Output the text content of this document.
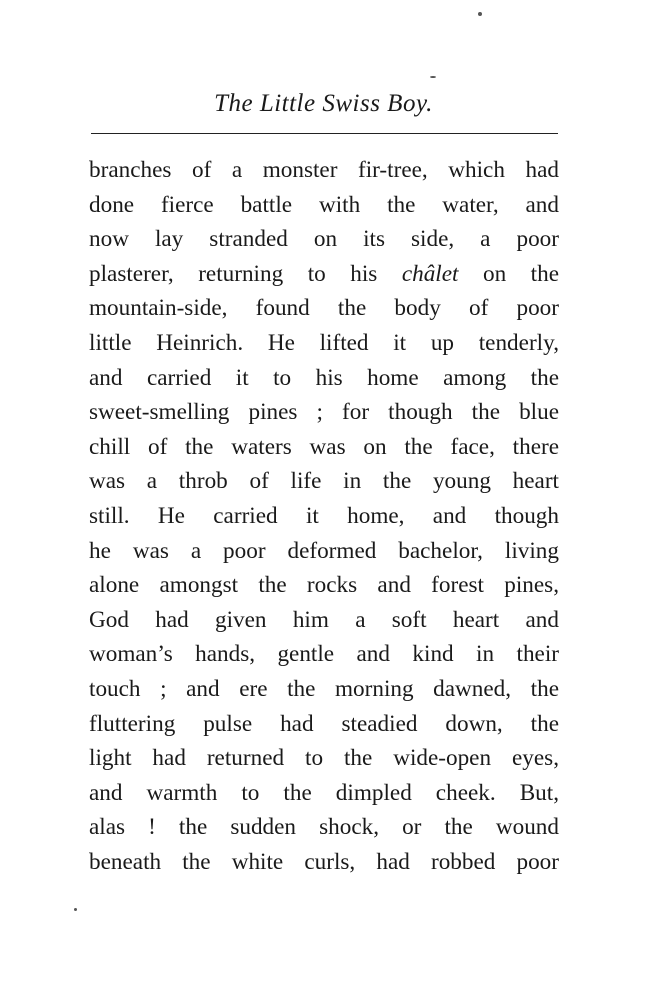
The Little Swiss Boy.
branches of a monster fir-tree, which had
done fierce battle with the water, and
now lay stranded on its side, a poor
plasterer, returning to his châlet on the
mountain-side, found the body of poor
little Heinrich. He lifted it up tenderly,
and carried it to his home among the
sweet-smelling pines ; for though the blue
chill of the waters was on the face, there
was a throb of life in the young heart
still. He carried it home, and though
he was a poor deformed bachelor, living
alone amongst the rocks and forest pines,
God had given him a soft heart and
woman’s hands, gentle and kind in their
touch ; and ere the morning dawned, the
fluttering pulse had steadied down, the
light had returned to the wide-open eyes,
and warmth to the dimpled cheek. But,
alas ! the sudden shock, or the wound
beneath the white curls, had robbed poor
